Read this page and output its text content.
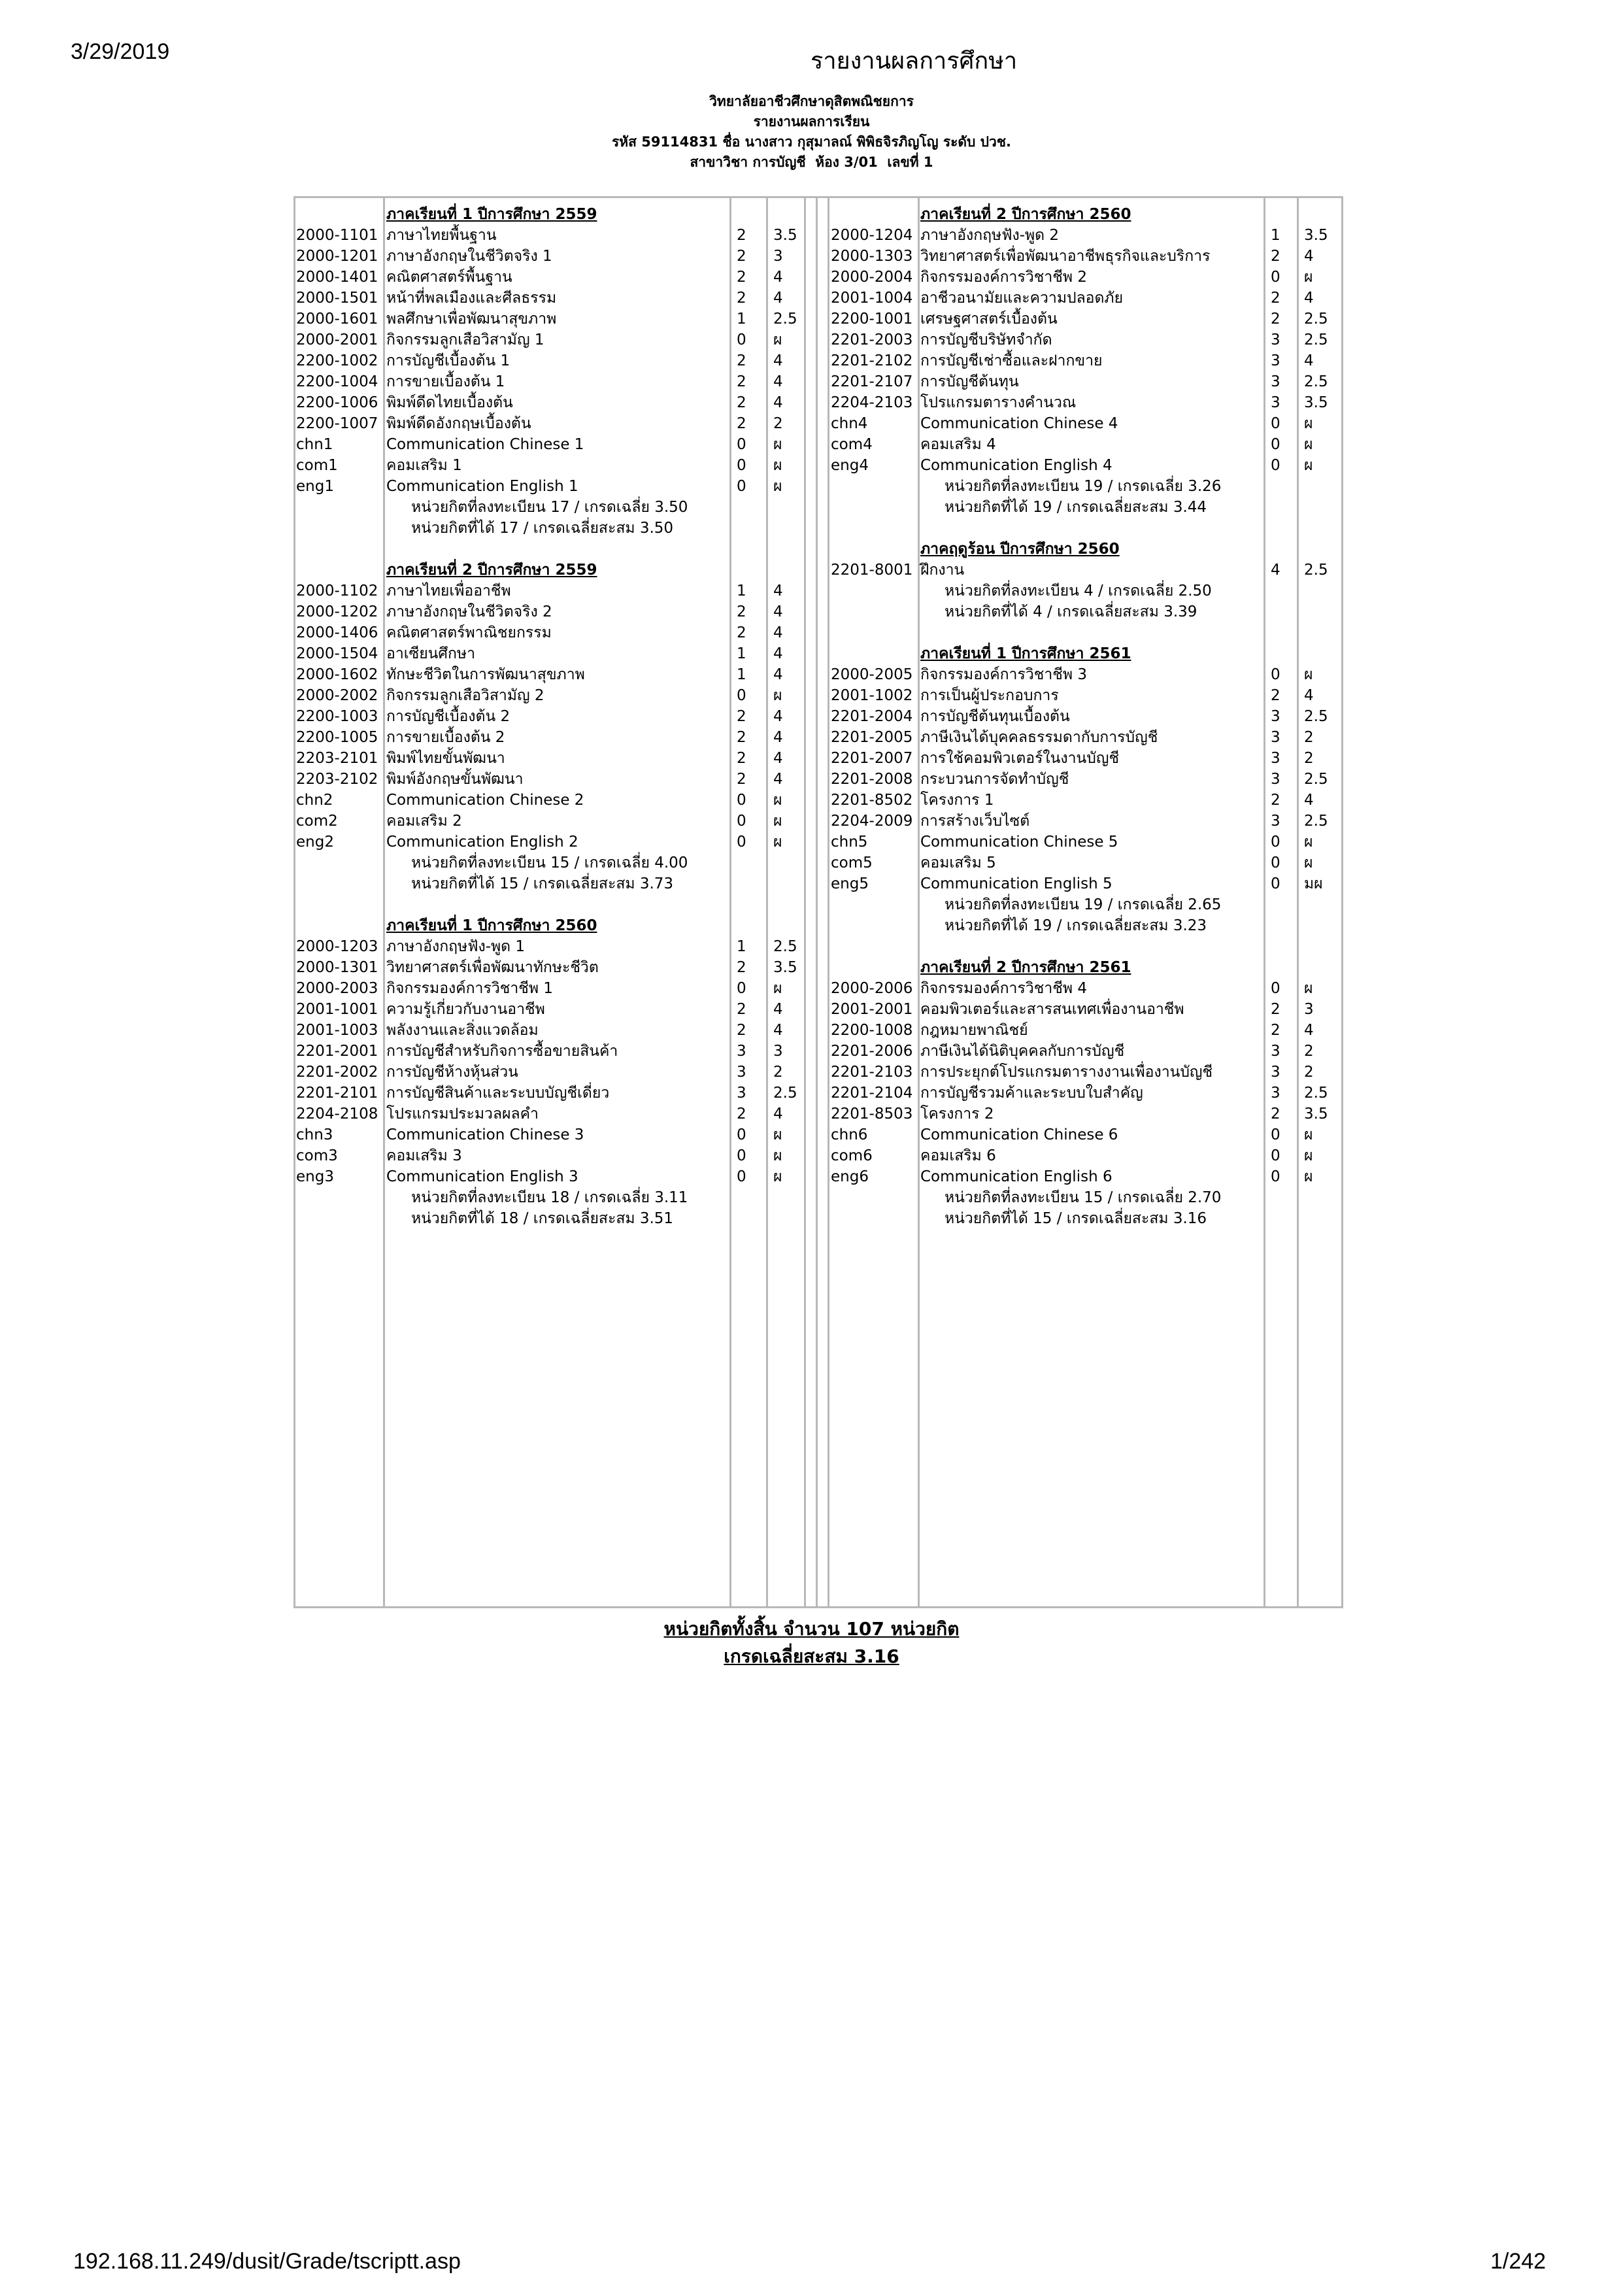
3/29/2019	รายงานผลการศึกษา
วิทยาลัยอาชีวศึกษาดุสิตพณิชยการ
รายงานผลการเรียน
รหัส 59114831 ชื่อ นางสาว กุสุมาลณ์ พิพิธจิรภิญโญ ระดับ ปวช.
สาขาวิชา การบัญชี  ห้อง 3/01  เลขที่ 1
ภาคเรียนที่ 1 ปีการศึกษา 2559
2000-1101 ภาษาไทยพื้นฐาน	2 3.5
2000-1201 ภาษาอังกฤษในชีวิตจริง 1	2 3
2000-1401 คณิตศาสตร์พื้นฐาน	2 4
2000-1501 หน้าที่พลเมืองและศีลธรรม	2 4
2000-1601 พลศึกษาเพื่อพัฒนาสุขภาพ	1 2.5
2000-2001 กิจกรรมลูกเสือวิสามัญ 1	0 ผ
2200-1002 การบัญชีเบื้องต้น 1	2 4
2200-1004 การขายเบื้องต้น 1	2 4
2200-1006 พิมพ์ดีดไทยเบื้องต้น	2 4
2200-1007 พิมพ์ดีดอังกฤษเบื้องต้น	2 2
chn1	Communication Chinese 1	0 ผ
com1	คอมเสริม 1	0 ผ
eng1	Communication English 1	0 ผ
หน่วยกิตที่ลงทะเบียน 17 / เกรดเฉลี่ย 3.50
หน่วยกิตที่ได้ 17 / เกรดเฉลี่ยสะสม 3.50
ภาคเรียนที่ 2 ปีการศึกษา 2559
2000-1102 ภาษาไทยเพื่ออาชีพ	1 4
2000-1202 ภาษาอังกฤษในชีวิตจริง 2	2 4
2000-1406 คณิตศาสตร์พาณิชยกรรม	2 4
2000-1504 อาเซียนศึกษา	1 4
2000-1602 ทักษะชีวิตในการพัฒนาสุขภาพ	1 4
2000-2002 กิจกรรมลูกเสือวิสามัญ 2	0 ผ
2200-1003 การบัญชีเบื้องต้น 2	2 4
2200-1005 การขายเบื้องต้น 2	2 4
2203-2101 พิมพ์ไทยขั้นพัฒนา	2 4
2203-2102 พิมพ์อังกฤษขั้นพัฒนา	2 4
chn2	Communication Chinese 2	0 ผ
com2	คอมเสริม 2	0 ผ
eng2	Communication English 2	0 ผ
หน่วยกิตที่ลงทะเบียน 15 / เกรดเฉลี่ย 4.00
หน่วยกิตที่ได้ 15 / เกรดเฉลี่ยสะสม 3.73
ภาคเรียนที่ 1 ปีการศึกษา 2560
2000-1203 ภาษาอังกฤษฟัง-พูด 1	1 2.5
2000-1301 วิทยาศาสตร์เพื่อพัฒนาทักษะชีวิต	2 3.5
2000-2003 กิจกรรมองค์การวิชาชีพ 1	0 ผ
2001-1001 ความรู้เกี่ยวกับงานอาชีพ	2 4
2001-1003 พลังงานและสิ่งแวดล้อม	2 4
2201-2001 การบัญชีสำหรับกิจการซื้อขายสินค้า	3 3
2201-2002 การบัญชีห้างหุ้นส่วน	3 2
2201-2101 การบัญชีสินค้าและระบบบัญชีเดี่ยว	3 2.5
2204-2108 โปรแกรมประมวลผลคำ	2 4
chn3	Communication Chinese 3	0 ผ
com3	คอมเสริม 3	0 ผ
eng3	Communication English 3	0 ผ
หน่วยกิตที่ลงทะเบียน 18 / เกรดเฉลี่ย 3.11
หน่วยกิตที่ได้ 18 / เกรดเฉลี่ยสะสม 3.51
ภาคเรียนที่ 2 ปีการศึกษา 2560
2000-1204 ภาษาอังกฤษฟัง-พูด 2	1 3.5
2000-1303 วิทยาศาสตร์เพื่อพัฒนาอาชีพธุรกิจและบริการ	2 4
2000-2004 กิจกรรมองค์การวิชาชีพ 2	0 ผ
2001-1004 อาชีวอนามัยและความปลอดภัย	2 4
2200-1001 เศรษฐศาสตร์เบื้องต้น	2 2.5
2201-2003 การบัญชีบริษัทจำกัด	3 2.5
2201-2102 การบัญชีเช่าซื้อและฝากขาย	3 4
2201-2107 การบัญชีต้นทุน	3 2.5
2204-2103 โปรแกรมตารางคำนวณ	3 3.5
chn4	Communication Chinese 4	0 ผ
com4	คอมเสริม 4	0 ผ
eng4	Communication English 4	0 ผ
หน่วยกิตที่ลงทะเบียน 19 / เกรดเฉลี่ย 3.26
หน่วยกิตที่ได้ 19 / เกรดเฉลี่ยสะสม 3.44
ภาคฤดูร้อน ปีการศึกษา 2560
2201-8001 ฝึกงาน	4 2.5
หน่วยกิตที่ลงทะเบียน 4 / เกรดเฉลี่ย 2.50
หน่วยกิตที่ได้ 4 / เกรดเฉลี่ยสะสม 3.39
ภาคเรียนที่ 1 ปีการศึกษา 2561
2000-2005 กิจกรรมองค์การวิชาชีพ 3	0 ผ
2001-1002 การเป็นผู้ประกอบการ	2 4
2201-2004 การบัญชีต้นทุนเบื้องต้น	3 2.5
2201-2005 ภาษีเงินได้บุคคลธรรมดากับการบัญชี	3 2
2201-2007 การใช้คอมพิวเตอร์ในงานบัญชี	3 2
2201-2008 กระบวนการจัดทำบัญชี	3 2.5
2201-8502 โครงการ 1	2 4
2204-2009 การสร้างเว็บไซต์	3 2.5
chn5	Communication Chinese 5	0 ผ
com5	คอมเสริม 5	0 ผ
eng5	Communication English 5	0 มผ
หน่วยกิตที่ลงทะเบียน 19 / เกรดเฉลี่ย 2.65
หน่วยกิตที่ได้ 19 / เกรดเฉลี่ยสะสม 3.23
ภาคเรียนที่ 2 ปีการศึกษา 2561
2000-2006 กิจกรรมองค์การวิชาชีพ 4	0 ผ
2001-2001 คอมพิวเตอร์และสารสนเทศเพื่องานอาชีพ	2 3
2200-1008 กฎหมายพาณิชย์	2 4
2201-2006 ภาษีเงินได้นิติบุคคลกับการบัญชี	3 2
2201-2103 การประยุกต์โปรแกรมตารางงานเพื่องานบัญชี	3 2
2201-2104 การบัญชีรวมค้าและระบบใบสำคัญ	3 2.5
2201-8503 โครงการ 2	2 3.5
chn6	Communication Chinese 6	0 ผ
com6	คอมเสริม 6	0 ผ
eng6	Communication English 6	0 ผ
หน่วยกิตที่ลงทะเบียน 15 / เกรดเฉลี่ย 2.70
หน่วยกิตที่ได้ 15 / เกรดเฉลี่ยสะสม 3.16
หน่วยกิตทั้งสิ้น จำนวน 107 หน่วยกิต
เกรดเฉลี่ยสะสม 3.16
192.168.11.249/dusit/Grade/tscriptt.asp	1/242
